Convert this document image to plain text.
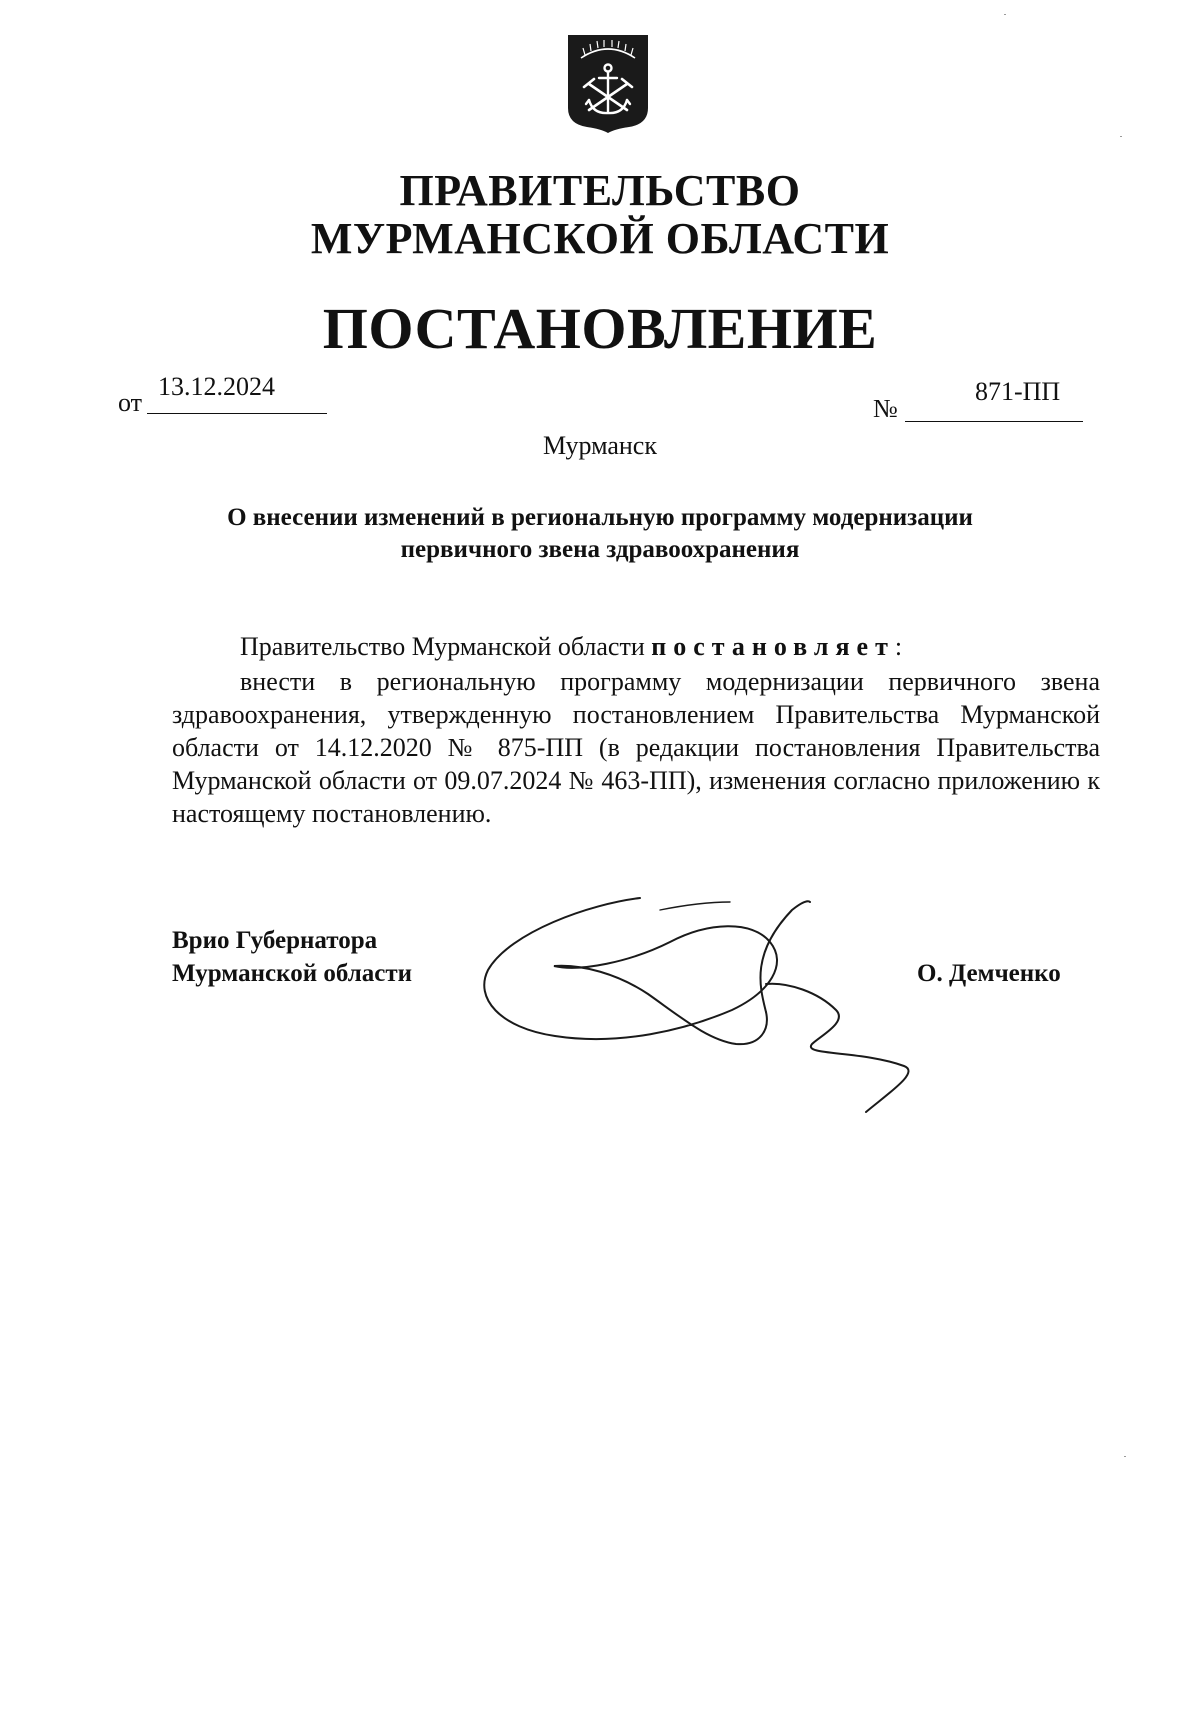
ПРАВИТЕЛЬСТВО
МУРМАНСКОЙ ОБЛАСТИ
ПОСТАНОВЛЕНИЕ
от
13.12.2024
№
871-ПП
Мурманск
О внесении изменений в региональную программу модернизации
первичного звена здравоохранения
Правительство Мурманской области постановляет:
внести в региональную программу модернизации первичного звена здравоохранения, утвержденную постановлением Правительства Мурманской области от 14.12.2020 № 875-ПП (в редакции постановления Правительства Мурманской области от 09.07.2024 № 463-ПП), изменения согласно приложению к настоящему постановлению.
Врио Губернатора
Мурманской области	О. Демченко
